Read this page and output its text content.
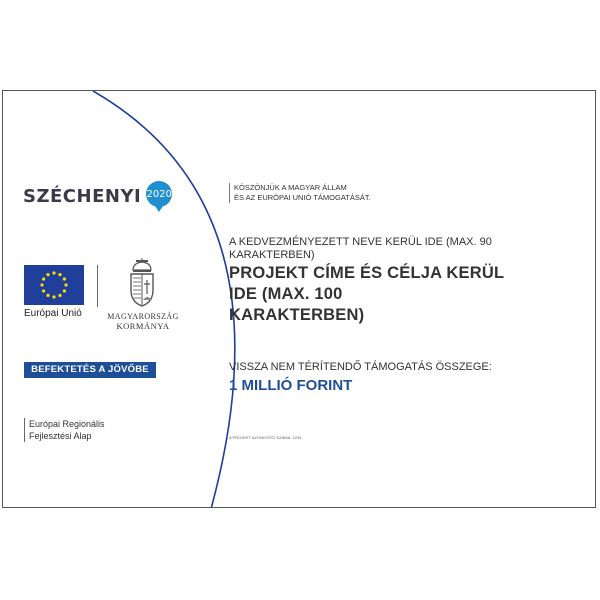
SZÉCHENYI 2020
Európai Unió	MAGYARORSZÁG
KORMÁNYA
BEFEKTETÉS A JÖVŐBE
Európai Regionális
Fejlesztési Alap
KÖSZÖNJÜK A MAGYAR ÁLLAM
ÉS AZ EURÓPAI UNIÓ TÁMOGATÁSÁT.
A KEDVEZMÉNYEZETT NEVE KERÜL IDE (MAX. 90 KARAKTERBEN)
PROJEKT CÍME ÉS CÉLJA KERÜL
IDE (MAX. 100
KARAKTERBEN)
VISSZA NEM TÉRÍTENDŐ TÁMOGATÁS ÖSSZEGE:
1 MILLIÓ FORINT
A PROJEKT AZONOSÍTÓ SZÁMA: 1234
